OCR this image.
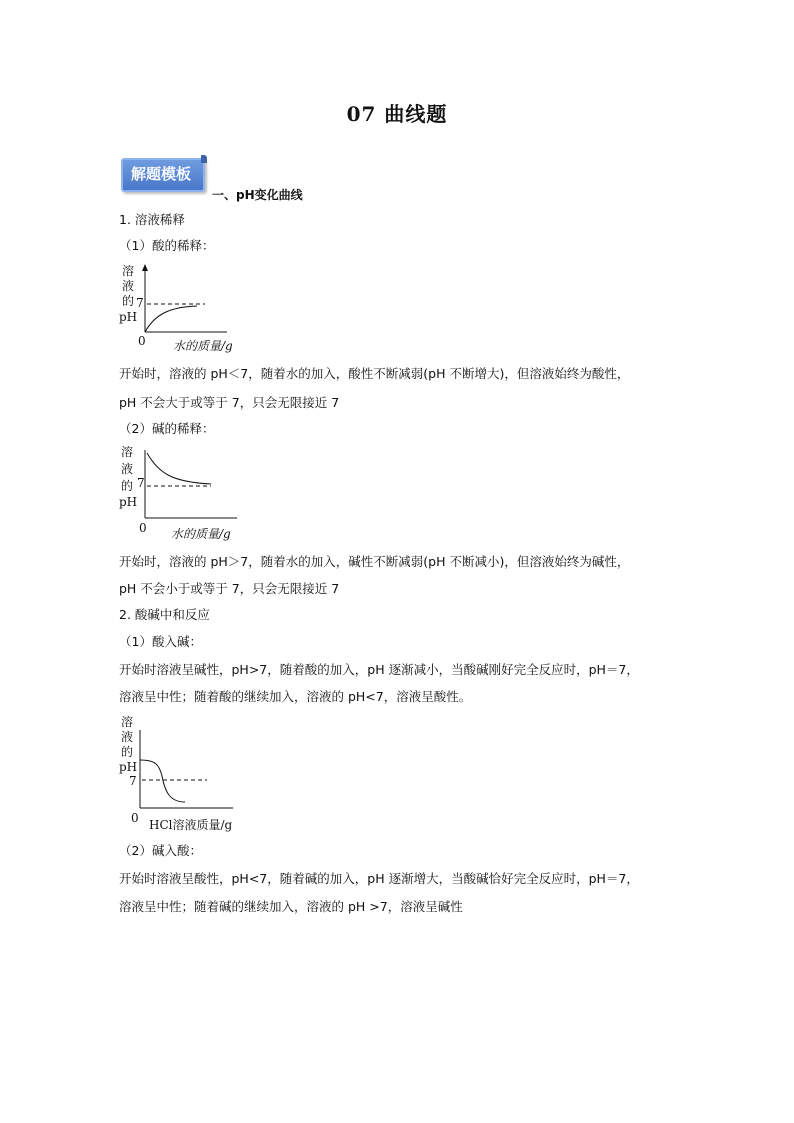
07 曲线题
解题模板
一、pH变化曲线
1. 溶液稀释
（1）酸的稀释：
溶
液
的
pH
7
0 水的质量/g
开始时，溶液的 pH＜7，随着水的加入，酸性不断减弱(pH 不断增大)，但溶液始终为酸性，
pH 不会大于或等于 7，只会无限接近 7
（2）碱的稀释：
溶
液
的
pH
7
0 水的质量/g
开始时，溶液的 pH＞7，随着水的加入，碱性不断减弱(pH 不断减小)，但溶液始终为碱性，
pH 不会小于或等于 7，只会无限接近 7
2. 酸碱中和反应
（1）酸入碱：
开始时溶液呈碱性，pH>7，随着酸的加入，pH 逐渐减小，当酸碱刚好完全反应时，pH＝7，
溶液呈中性；随着酸的继续加入，溶液的 pH<7，溶液呈酸性。
溶
液
的
pH
7
0 HCl溶液质量/g
（2）碱入酸：
开始时溶液呈酸性，pH<7，随着碱的加入，pH 逐渐增大，当酸碱恰好完全反应时，pH＝7，
溶液呈中性；随着碱的继续加入，溶液的 pH >7，溶液呈碱性
